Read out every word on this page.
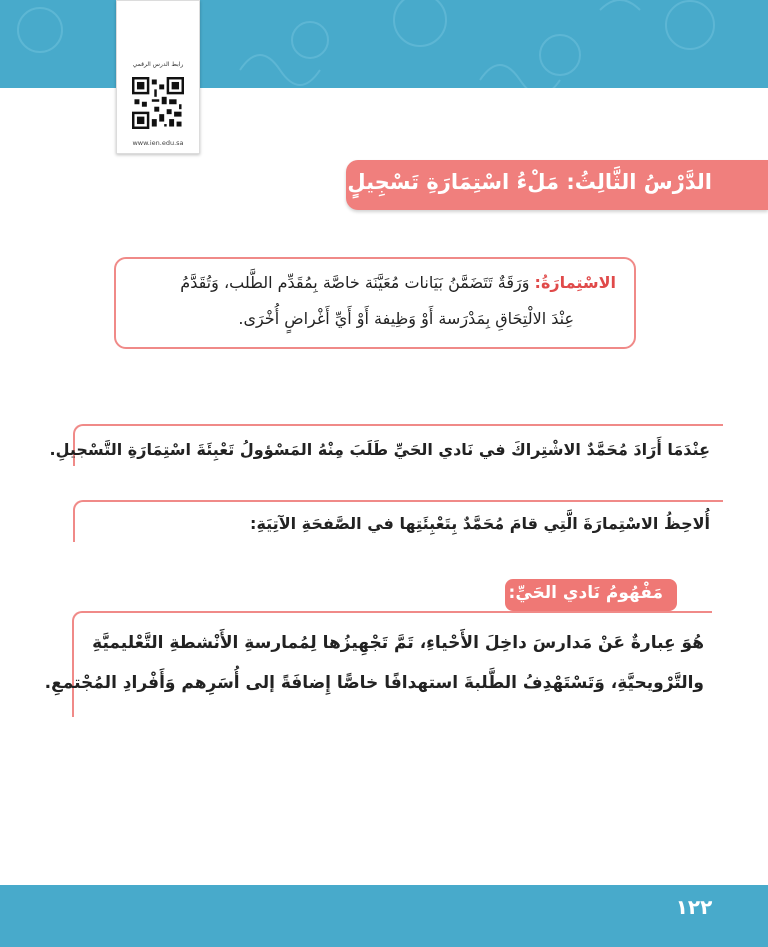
رابط الدرس الرقمي
www.ien.edu.sa
الدَّرْسُ الثَّالِثُ: مَلْءُ اسْتِمَارَةِ تَسْجِيلٍ
الاسْتِمارَةُ: وَرَقَةٌ تَتَضَمَّنُ بَيَانات مُعَيَّنَة خاصَّة بِمُقَدِّم الطَّلب، وَتُقَدَّمُ
عِنْدَ الالْتِحَاقِ بِمَدْرَسة أَوْ وَظِيفة أَوْ أَيِّ أَغْراضٍ أُخْرَى.
عِنْدَمَا أَرَادَ مُحَمَّدٌ الاشْتِراكَ في نَادي الحَيِّ طَلَبَ مِنْهُ المَسْؤولُ تَعْبِئَةَ اسْتِمَارَةِ التَّسْجيلِ.
أُلاحِظُ الاسْتِمارَةَ الَّتِي قامَ مُحَمَّدٌ بِتَعْبِئَتِها في الصَّفحَةِ الآتِيَةِ:
مَفْهُومُ نَادي الحَيِّ:
هُوَ عِبارةٌ عَنْ مَدارسَ داخِلَ الأَحْياءِ، تَمَّ تَجْهِيزُها لِمُمارسةِ الأَنْشطةِ التَّعْليميَّةِ
والتَّرْويحيَّةِ، وَتَسْتَهْدِفُ الطَّلبةَ استهدافًا خاصًّا إِضافَةً إلى أُسَرِهم وَأَفْرادِ المُجْتمعِ.
١٢٢
